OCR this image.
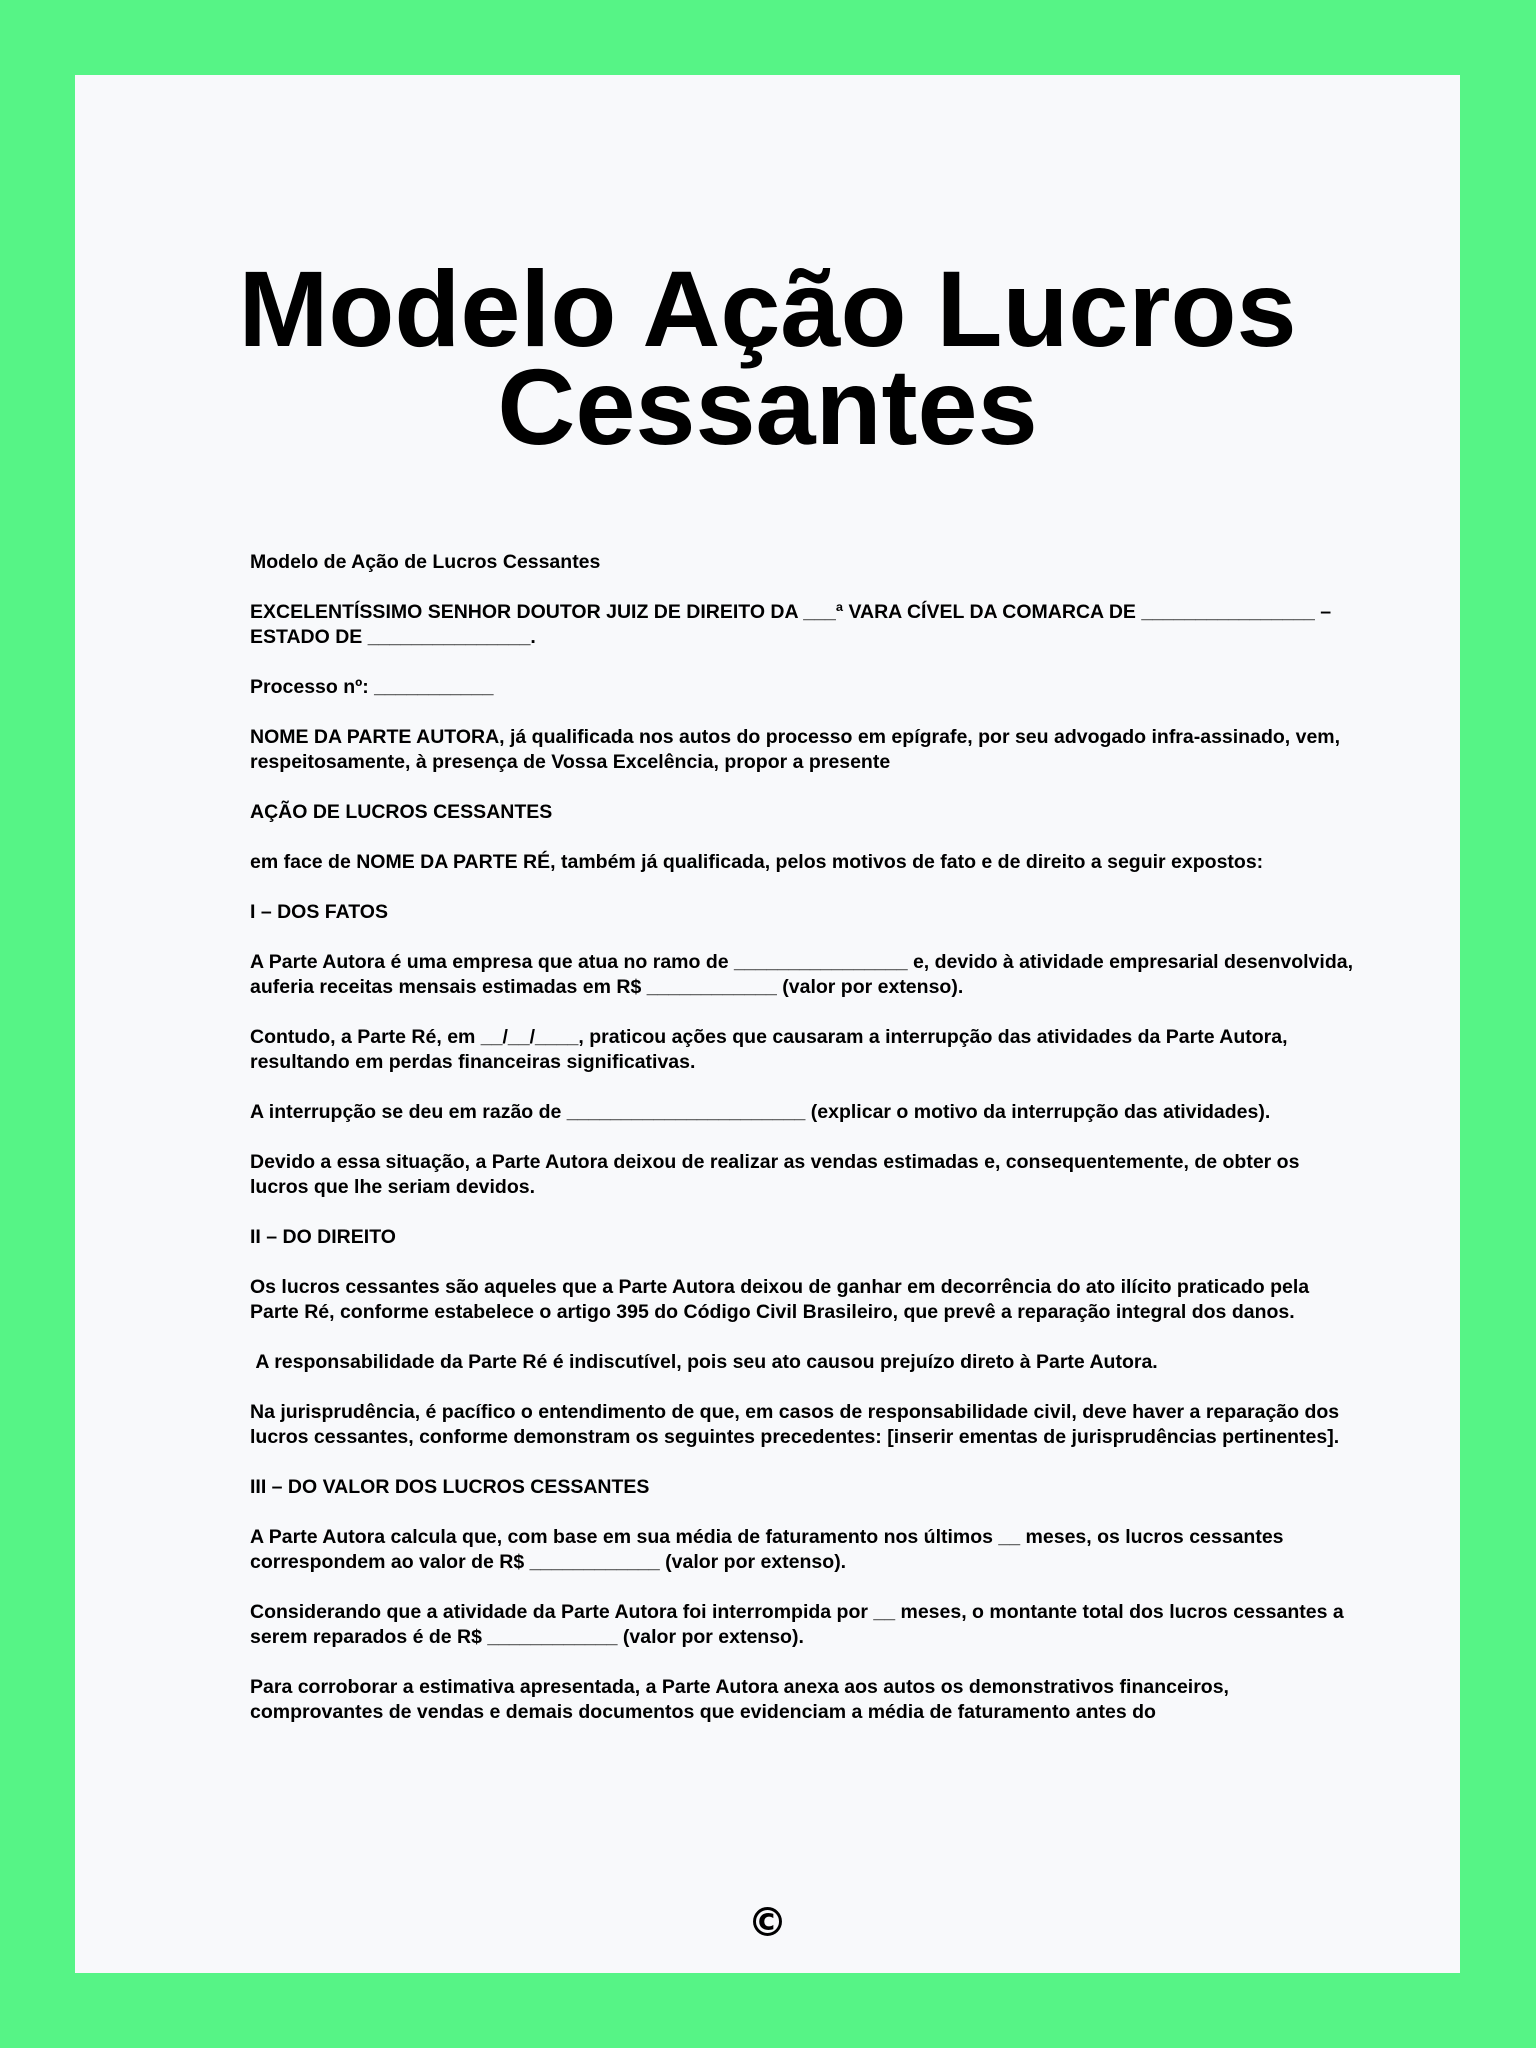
Modelo Ação Lucros
Cessantes

Modelo de Ação de Lucros Cessantes

EXCELENTÍSSIMO SENHOR DOUTOR JUIZ DE DIREITO DA ___ª VARA CÍVEL DA COMARCA DE ________________ – ESTADO DE _______________.

Processo nº: ___________

NOME DA PARTE AUTORA, já qualificada nos autos do processo em epígrafe, por seu advogado infra-assinado, vem, respeitosamente, à presença de Vossa Excelência, propor a presente

AÇÃO DE LUCROS CESSANTES

em face de NOME DA PARTE RÉ, também já qualificada, pelos motivos de fato e de direito a seguir expostos:

I – DOS FATOS

A Parte Autora é uma empresa que atua no ramo de ________________ e, devido à atividade empresarial desenvolvida, auferia receitas mensais estimadas em R$ ____________ (valor por extenso).

Contudo, a Parte Ré, em __/__/____, praticou ações que causaram a interrupção das atividades da Parte Autora, resultando em perdas financeiras significativas.

A interrupção se deu em razão de ______________________ (explicar o motivo da interrupção das atividades).

Devido a essa situação, a Parte Autora deixou de realizar as vendas estimadas e, consequentemente, de obter os lucros que lhe seriam devidos.

II – DO DIREITO

Os lucros cessantes são aqueles que a Parte Autora deixou de ganhar em decorrência do ato ilícito praticado pela Parte Ré, conforme estabelece o artigo 395 do Código Civil Brasileiro, que prevê a reparação integral dos danos.

A responsabilidade da Parte Ré é indiscutível, pois seu ato causou prejuízo direto à Parte Autora.

Na jurisprudência, é pacífico o entendimento de que, em casos de responsabilidade civil, deve haver a reparação dos lucros cessantes, conforme demonstram os seguintes precedentes: [inserir ementas de jurisprudências pertinentes].

III – DO VALOR DOS LUCROS CESSANTES

A Parte Autora calcula que, com base em sua média de faturamento nos últimos __ meses, os lucros cessantes correspondem ao valor de R$ ____________ (valor por extenso).

Considerando que a atividade da Parte Autora foi interrompida por __ meses, o montante total dos lucros cessantes a serem reparados é de R$ ____________ (valor por extenso).

Para corroborar a estimativa apresentada, a Parte Autora anexa aos autos os demonstrativos financeiros, comprovantes de vendas e demais documentos que evidenciam a média de faturamento antes do

©
